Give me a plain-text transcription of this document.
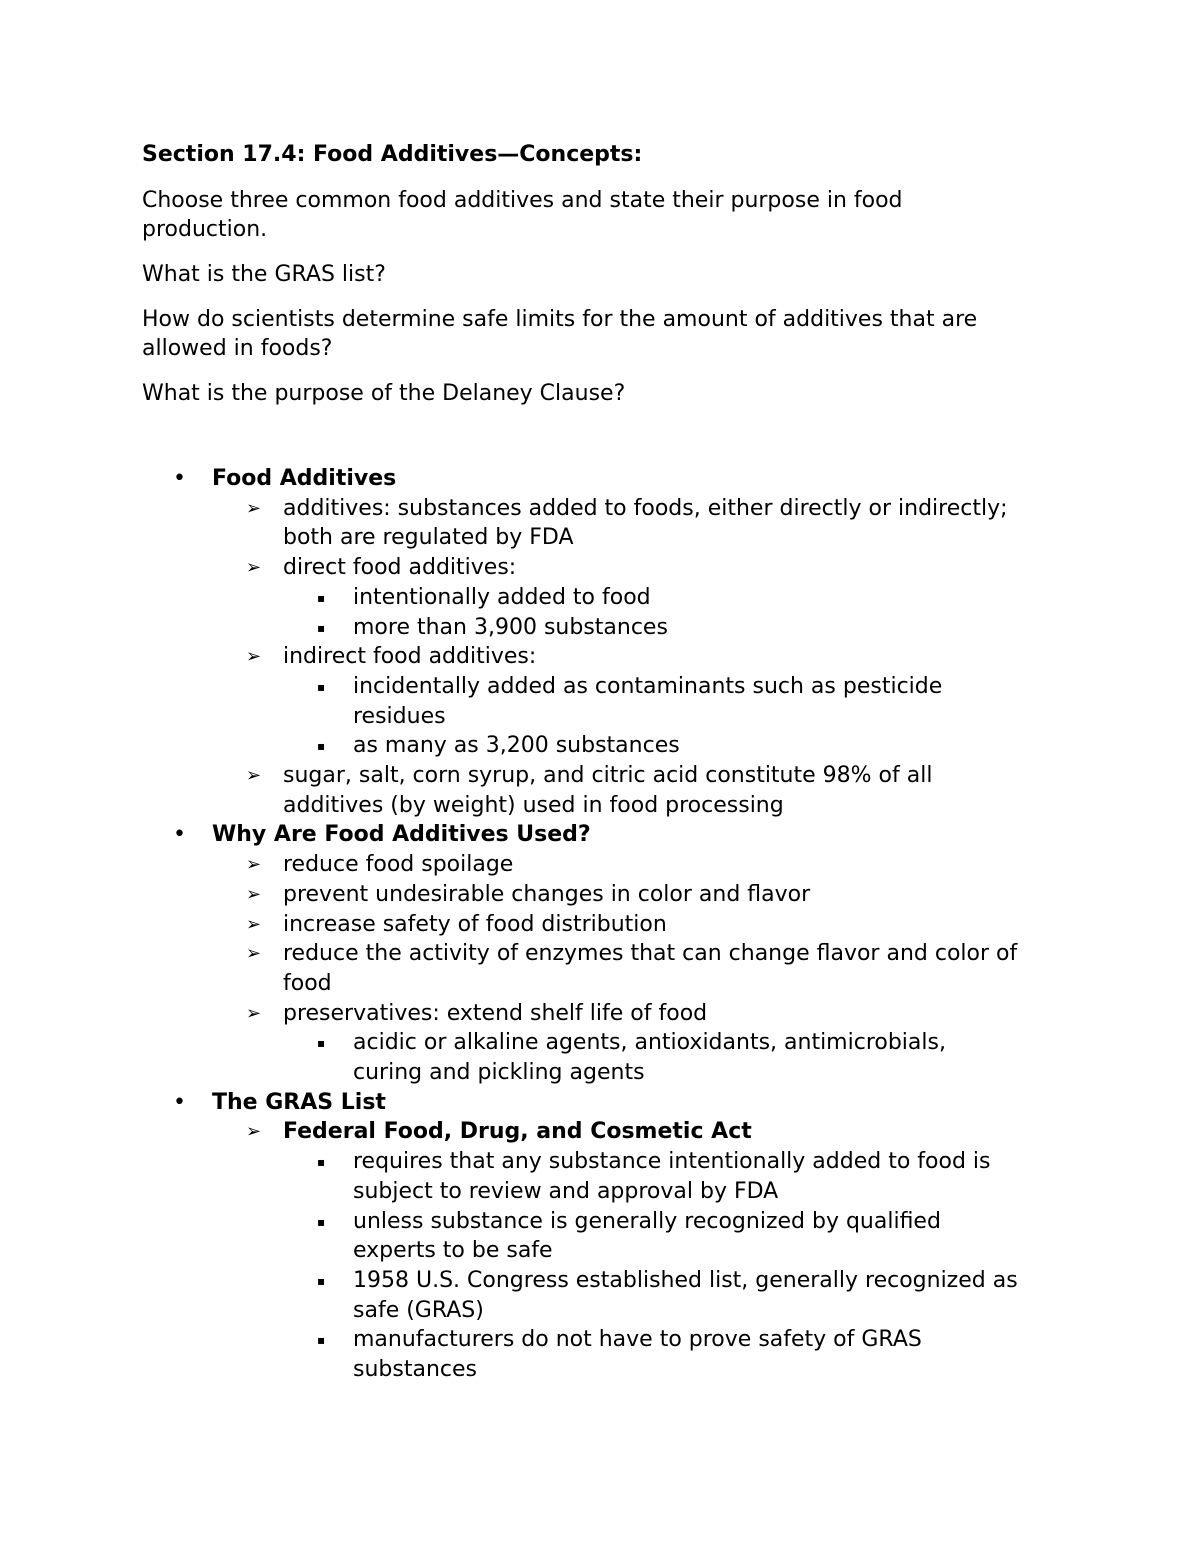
Section 17.4: Food Additives—Concepts:
Choose three common food additives and state their purpose in food production.
What is the GRAS list?
How do scientists determine safe limits for the amount of additives that are allowed in foods?
What is the purpose of the Delaney Clause?
• Food Additives
➢ additives: substances added to foods, either directly or indirectly; both are regulated by FDA
➢ direct food additives:
▪ intentionally added to food
▪ more than 3,900 substances
➢ indirect food additives:
▪ incidentally added as contaminants such as pesticide residues
▪ as many as 3,200 substances
➢ sugar, salt, corn syrup, and citric acid constitute 98% of all additives (by weight) used in food processing
• Why Are Food Additives Used?
➢ reduce food spoilage
➢ prevent undesirable changes in color and flavor
➢ increase safety of food distribution
➢ reduce the activity of enzymes that can change flavor and color of food
➢ preservatives: extend shelf life of food
▪ acidic or alkaline agents, antioxidants, antimicrobials, curing and pickling agents
• The GRAS List
➢ Federal Food, Drug, and Cosmetic Act
▪ requires that any substance intentionally added to food is subject to review and approval by FDA
▪ unless substance is generally recognized by qualified experts to be safe
▪ 1958 U.S. Congress established list, generally recognized as safe (GRAS)
▪ manufacturers do not have to prove safety of GRAS substances
